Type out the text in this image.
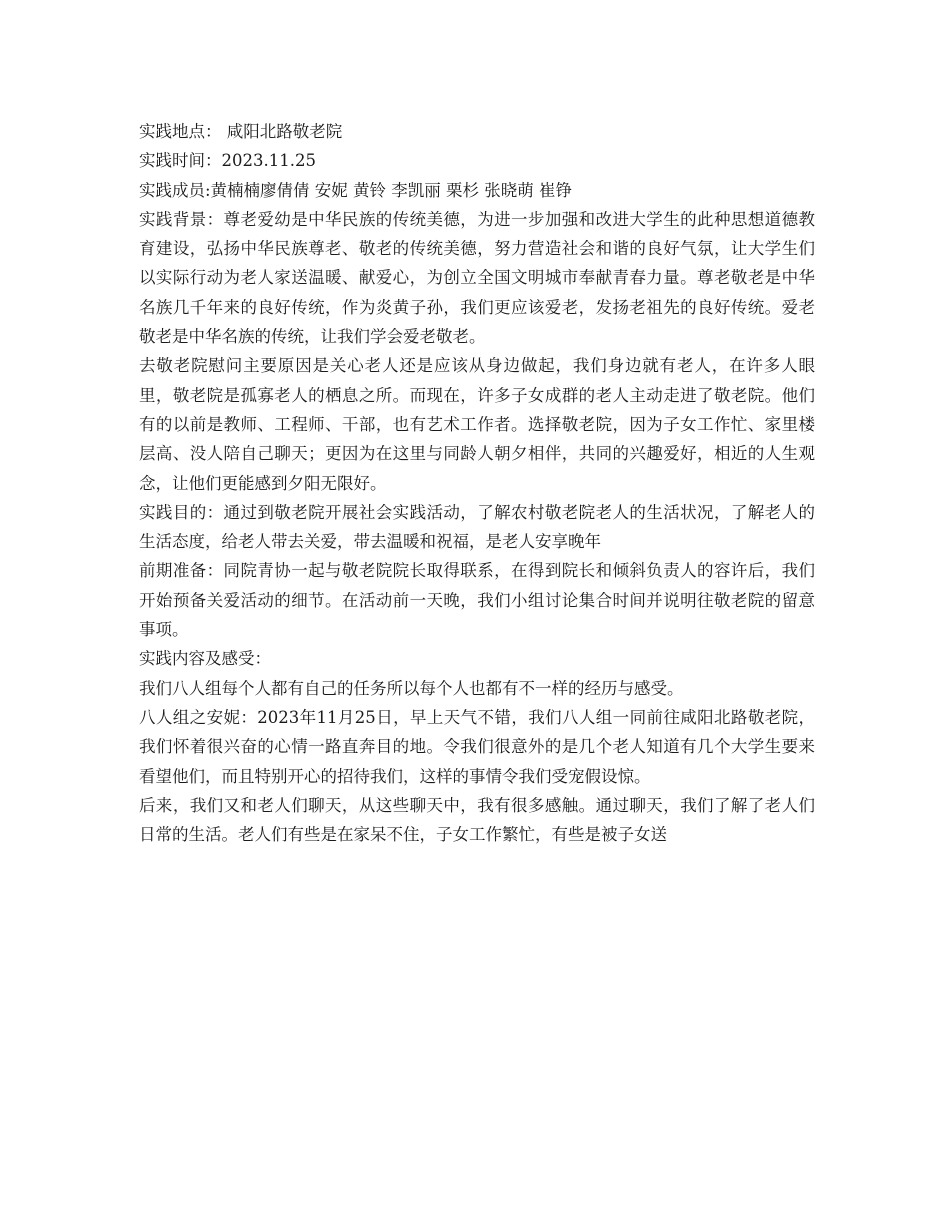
实践地点： 咸阳北路敬老院

实践时间：2023.11.25

实践成员:黄楠楠廖倩倩 安妮 黄铃 李凯丽 栗杉 张晓萌 崔铮

实践背景：尊老爱幼是中华民族的传统美德，为进一步加强和改进大学生的此种思想道德教育建设，弘扬中华民族尊老、敬老的传统美德，努力营造社会和谐的良好气氛，让大学生们以实际行动为老人家送温暖、献爱心，为创立全国文明城市奉献青春力量。尊老敬老是中华名族几千年来的良好传统，作为炎黄子孙，我们更应该爱老，发扬老祖先的良好传统。爱老敬老是中华名族的传统，让我们学会爱老敬老。

去敬老院慰问主要原因是关心老人还是应该从身边做起，我们身边就有老人，在许多人眼里，敬老院是孤寡老人的栖息之所。而现在，许多子女成群的老人主动走进了敬老院。他们有的以前是教师、工程师、干部，也有艺术工作者。选择敬老院，因为子女工作忙、家里楼层高、没人陪自己聊天；更因为在这里与同龄人朝夕相伴，共同的兴趣爱好，相近的人生观念，让他们更能感到夕阳无限好。

实践目的：通过到敬老院开展社会实践活动，了解农村敬老院老人的生活状况，了解老人的生活态度，给老人带去关爱，带去温暖和祝福，是老人安享晚年

前期准备：同院青协一起与敬老院院长取得联系，在得到院长和倾斜负责人的容许后，我们开始预备关爱活动的细节。在活动前一天晚，我们小组讨论集合时间并说明往敬老院的留意事项。

实践内容及感受：

我们八人组每个人都有自己的任务所以每个人也都有不一样的经历与感受。

八人组之安妮：2023年11月25日，早上天气不错，我们八人组一同前往咸阳北路敬老院，我们怀着很兴奋的心情一路直奔目的地。令我们很意外的是几个老人知道有几个大学生要来看望他们，而且特别开心的招待我们，这样的事情令我们受宠假设惊。

后来，我们又和老人们聊天，从这些聊天中，我有很多感触。通过聊天，我们了解了老人们日常的生活。老人们有些是在家呆不住，子女工作繁忙，有些是被子女送
